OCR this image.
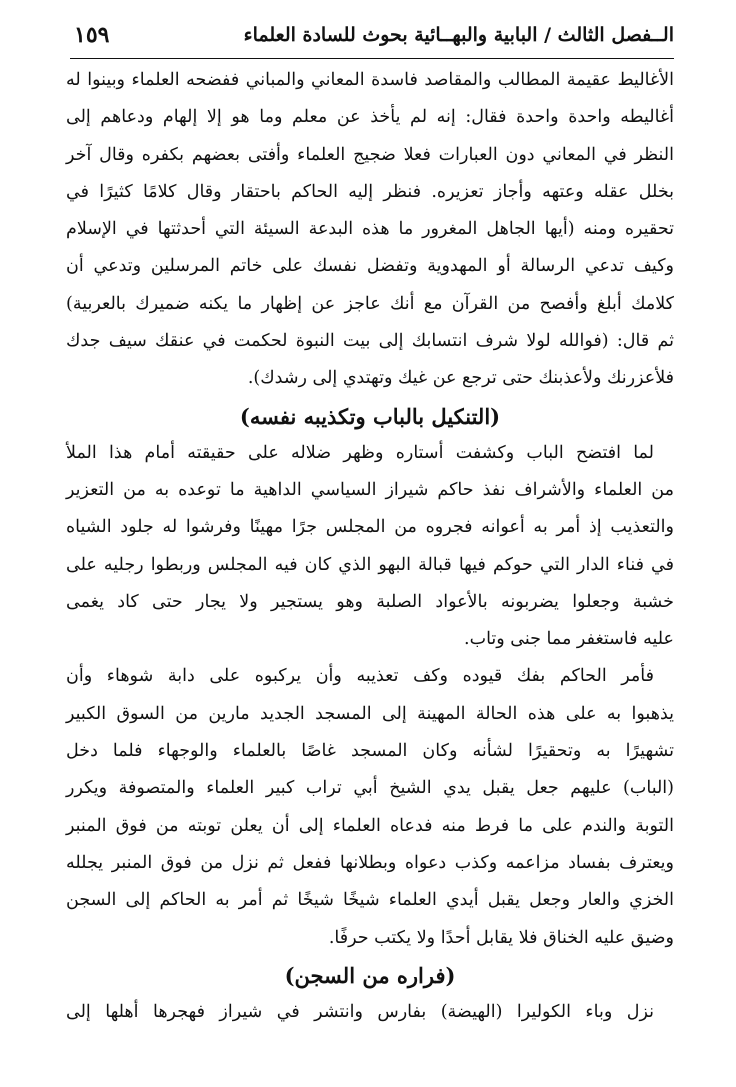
الــفصل الثالث / البابية والبهــائية بحوث للسادة العلماء
١٥٩
الأغاليط عقيمة المطالب والمقاصد فاسدة المعاني والمباني ففضحه العلماء وبينوا له
أغاليطه واحدة واحدة فقال: إنه لم يأخذ عن معلم وما هو إلا إلهام ودعاهم إلى
النظر في المعاني دون العبارات فعلا ضجيج العلماء وأفتى بعضهم بكفره وقال آخر
بخلل عقله وعتهه وأجاز تعزيره. فنظر إليه الحاكم باحتقار وقال كلامًا كثيرًا في
تحقيره ومنه (أيها الجاهل المغرور ما هذه البدعة السيئة التي أحدثتها في الإسلام
وكيف تدعي الرسالة أو المهدوية وتفضل نفسك على خاتم المرسلين وتدعي أن
كلامك أبلغ وأفصح من القرآن مع أنك عاجز عن إظهار ما يكنه ضميرك بالعربية)
ثم قال: (فوالله لولا شرف انتسابك إلى بيت النبوة لحكمت في عنقك سيف جدك
فلأعزرنك ولأعذبنك حتى ترجع عن غيك وتهتدي إلى رشدك).
(التنكيل بالباب وتكذيبه نفسه)
لما افتضح الباب وكشفت أستاره وظهر ضلاله على حقيقته أمام هذا الملأ
من العلماء والأشراف نفذ حاكم شيراز السياسي الداهية ما توعده به من التعزير
والتعذيب إذ أمر به أعوانه فجروه من المجلس جرًا مهينًا وفرشوا له جلود الشياه
في فناء الدار التي حوكم فيها قبالة البهو الذي كان فيه المجلس وربطوا رجليه على
خشبة وجعلوا يضربونه بالأعواد الصلبة وهو يستجير ولا يجار حتى كاد يغمى
عليه فاستغفر مما جنى وتاب.
فأمر الحاكم بفك قيوده وكف تعذيبه وأن يركبوه على دابة شوهاء وأن
يذهبوا به على هذه الحالة المهينة إلى المسجد الجديد مارين من السوق الكبير
تشهيرًا به وتحقيرًا لشأنه وكان المسجد غاصًا بالعلماء والوجهاء فلما دخل
(الباب) عليهم جعل يقبل يدي الشيخ أبي تراب كبير العلماء والمتصوفة ويكرر
التوبة والندم على ما فرط منه فدعاه العلماء إلى أن يعلن توبته من فوق المنبر
ويعترف بفساد مزاعمه وكذب دعواه وبطلانها ففعل ثم نزل من فوق المنبر يجلله
الخزي والعار وجعل يقبل أيدي العلماء شيخًا شيخًا ثم أمر به الحاكم إلى السجن
وضيق عليه الخناق فلا يقابل أحدًا ولا يكتب حرفًا.
(فراره من السجن)
نزل وباء الكوليرا (الهيضة) بفارس وانتشر في شيراز فهجرها أهلها إلى
